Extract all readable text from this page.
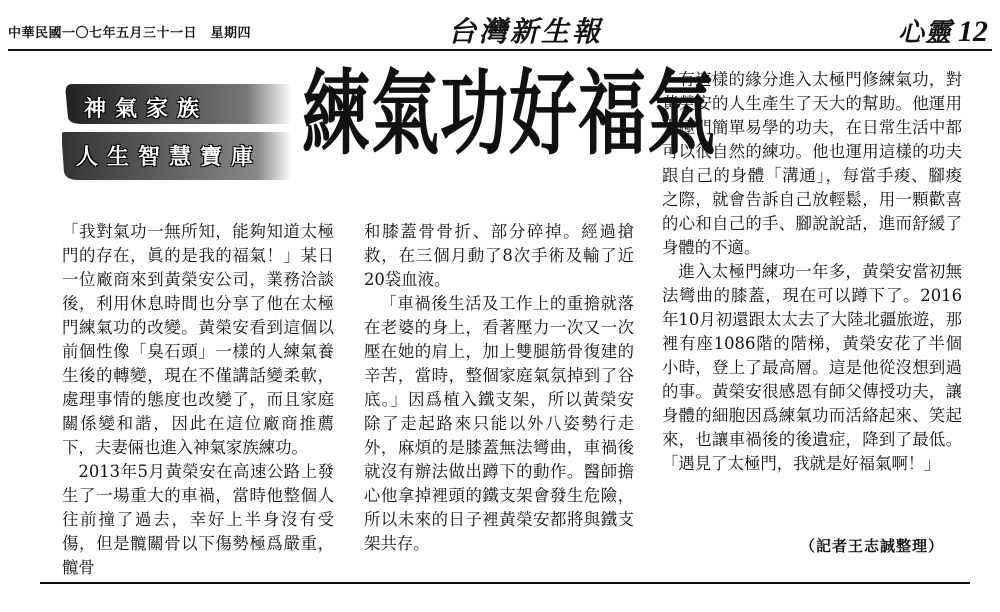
中華民國一〇七年五月三十一日　星期四	台灣新生報	心靈 12
神氣家族
人生智慧寶庫 練氣功好福氣

「我對氣功一無所知，能夠知道太極門的存在，眞的是我的福氣！」某日一位廠商來到黃榮安公司，業務洽談後，利用休息時間也分享了他在太極門練氣功的改變。黃榮安看到這個以前個性像「臭石頭」一樣的人練氣養生後的轉變，現在不僅講話變柔軟，處理事情的態度也改變了，而且家庭關係變和諧，因此在這位廠商推薦下，夫妻倆也進入神氣家族練功。

2013年5月黃榮安在高速公路上發生了一場重大的車禍，當時他整個人往前撞了過去，幸好上半身沒有受傷，但是髖關骨以下傷勢極爲嚴重，髖骨

和膝蓋骨骨折、部分碎掉。經過搶救，在三個月動了8次手術及輸了近20袋血液。

「車禍後生活及工作上的重擔就落在老婆的身上，看著壓力一次又一次壓在她的肩上，加上雙腿筋骨復建的辛苦，當時，整個家庭氣氛掉到了谷底。」因爲植入鐵支架，所以黃榮安除了走起路來只能以外八姿勢行走外，麻煩的是膝蓋無法彎曲，車禍後就沒有辦法做出蹲下的動作。醫師擔心他拿掉裡頭的鐵支架會發生危險，所以未來的日子裡黃榮安都將與鐵支架共存。

有這樣的緣分進入太極門修練氣功，對黃榮安的人生產生了天大的幫助。他運用太極門簡單易學的功夫，在日常生活中都可以很自然的練功。他也運用這樣的功夫跟自己的身體「溝通」，每當手痠、腳痠之際，就會告訴自己放輕鬆，用一顆歡喜的心和自己的手、腳說說話，進而舒緩了身體的不適。

進入太極門練功一年多，黃榮安當初無法彎曲的膝蓋，現在可以蹲下了。2016年10月初還跟太太去了大陸北疆旅遊，那裡有座1086階的階梯，黃榮安花了半個小時，登上了最高層。這是他從沒想到過的事。黃榮安很感恩有師父傳授功夫，讓身體的細胞因爲練氣功而活絡起來、笑起來，也讓車禍後的後遺症，降到了最低。「遇見了太極門，我就是好福氣啊！」

（記者王志誠整理）
